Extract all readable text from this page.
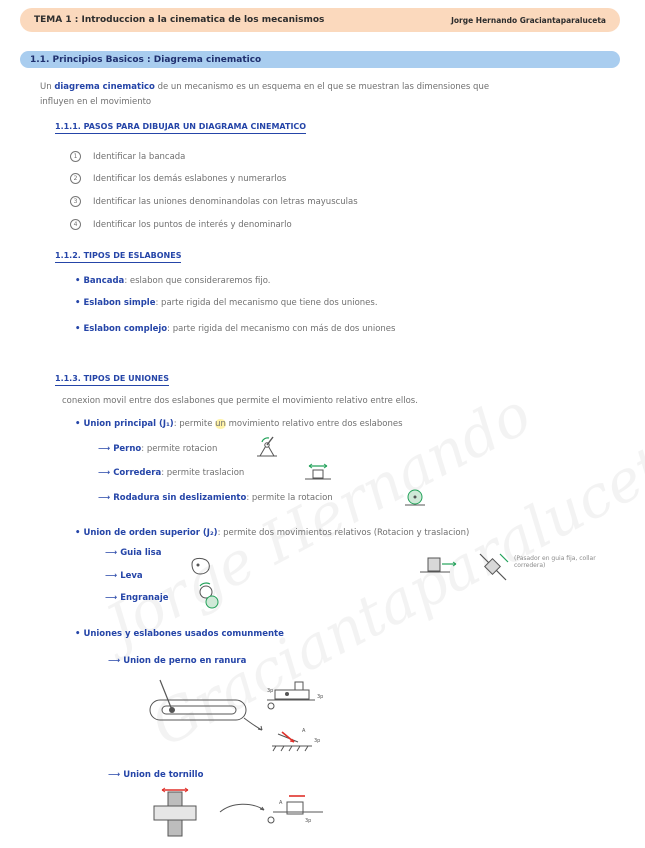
TEMA 1 : Introduccion a la cinematica de los mecanismos	Jorge Hernando Graciantaparaluceta
1.1. Principios Basicos : Diagrema cinematico
Un diagrema cinematico de un mecanismo es un esquema en el que se muestran las dimensiones que
influyen en el movimiento
1.1.1. PASOS PARA DIBUJAR UN DIAGRAMA CINEMATICO
1 Identificar la bancada
2 Identificar los demás eslabones y numerarlos
3 Identificar las uniones denominandolas con letras mayusculas
4 Identificar los puntos de interés y denominarlo
1.1.2. TIPOS DE ESLABONES
• Bancada: eslabon que consideraremos fijo.
• Eslabon simple: parte rigida del mecanismo que tiene dos uniones.
• Eslabon complejo: parte rigida del mecanismo con más de dos uniones
1.1.3. TIPOS DE UNIONES
conexion movil entre dos eslabones que permite el movimiento relativo entre ellos.
• Union principal (J₁): permite un movimiento relativo entre dos eslabones
⟶ Perno: permite rotacion
⟶ Corredera: permite traslacion
⟶ Rodadura sin deslizamiento: permite la rotacion
• Union de orden superior (J₂): permite dos movimientos relativos (Rotacion y traslacion)
⟶ Guia lisa
⟶ Leva
⟶ Engranaje
(Pasador en guia fija, collar corredera)
• Uniones y eslabones usados comunmente
⟶ Union de perno en ranura
3p
3p
A
3p
⟶ Union de tornillo
A
3p
